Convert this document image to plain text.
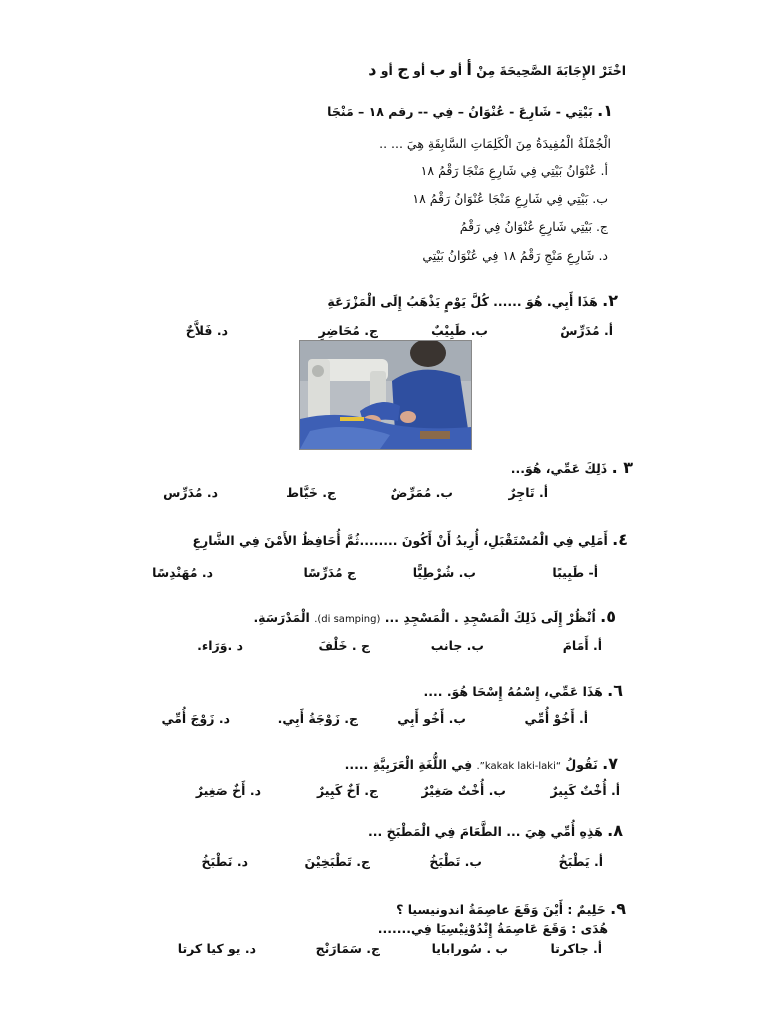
اخْتَرْ الإِجَابَةَ الصَّحِيحَةَ مِنْ أ أو ب أو ج أو د
١. بَيْتِي - شَارِعَ - عُنْوَانُ – فِي -- رقم ١٨ – مَنْجَا
الْجُمْلَةُ الْمُفِيدَةُ مِنَ الْكَلِمَاتِ السَّابِقَةِ هِيَ ... ..
أ. عُنْوَانُ بَيْتِي فِي شَارِعِ مَنْجَا رَقْمُ ١٨
ب. بَيْتِي فِي شَارِعِ مَنْجَا عُنْوَانُ رَقْمُ ١٨
ج. بَيْتِي شَارِعِ عُنْوَانُ فِي رَقْمُ
د. شَارِعِ مَنْجِ رَقْمُ ١٨ فِي عُنْوَانُ بَيْتِي
٢. هَذَا أَبِي. هُوَ ...... كُلَّ يَوْمٍ يَذْهَبُ إِلَى الْمَزْرَعَةِ
أ. مُدَرِّسٌ
ب. طَبِيْبٌ
ج. مُحَاضِرٍ
د. فَلاَّحٌ
٣ . ذَلِكَ عَمِّي، هُوَ...
أ. تَاجِرٌ
ب. مُمَرِّضٌ
ج. خَيَّاط
د. مُدَرِّس
٤. أَمَلِي فِي الْمُسْتَقْبَلِ، أُرِيدُ أَنْ أَكُونَ ........ثُمَّ أُحَافِظُ الأَمْنَ فِي الشَّارِعِ
أ- طَبِيبًا
ب. شُرْطِيًّا
ج مُدَرِّسًا
د. مُهَنْدِسًا
٥. اُنْظُرْ إِلَى ذَلِكَ الْمَسْجِدِ . الْمَسْجِدِ ... (di samping). الْمَدْرَسَةِ.
أ. أَمَامَ
ب. جانب
ج . خَلْفَ
د .وَرَاء.
٦. هَذَا عَمِّي، إِسْمُهُ إِسْحَا هُوَ. ....
أ. أَخُوْ أُمِّي
ب. أَخُو أَبِي
ج. زَوْجَةُ أَبِي.
د. زَوْجَ أُمِّي
٧. نَقُولُ “kakak laki-laki”. فِي اللُّغَةِ الْعَرَبِيَّةِ .....
أ. أُخْتٌ كَبِيرٌ
ب. أُخْتٌ صَغِيْرٌ
ج. اَخٌ كَبِيرٌ
د. أَخٌ صَغِيرٌ
٨. هَذِهِ أُمِّي هِيَ ... الطَّعَامَ فِي الْمَطْبَخِ ...
أ. يَطْبَخُ
ب. تَطْبَخُ
ج. تَطْبَخِيْنَ
د. نَطْبَخُ
٩. حَلِيمٌ : أَيْنَ وَقَعَ عاصِمَةُ اندونيسيا ؟
هُدَى : وَقَعَ عَاصِمَةُ إِنْدُوْنِيْسِيَا فِي.......
أ. جاكرتا
ب . سُورابايا
ج. سَمَارَنْج
د. يو كيا كرتا
